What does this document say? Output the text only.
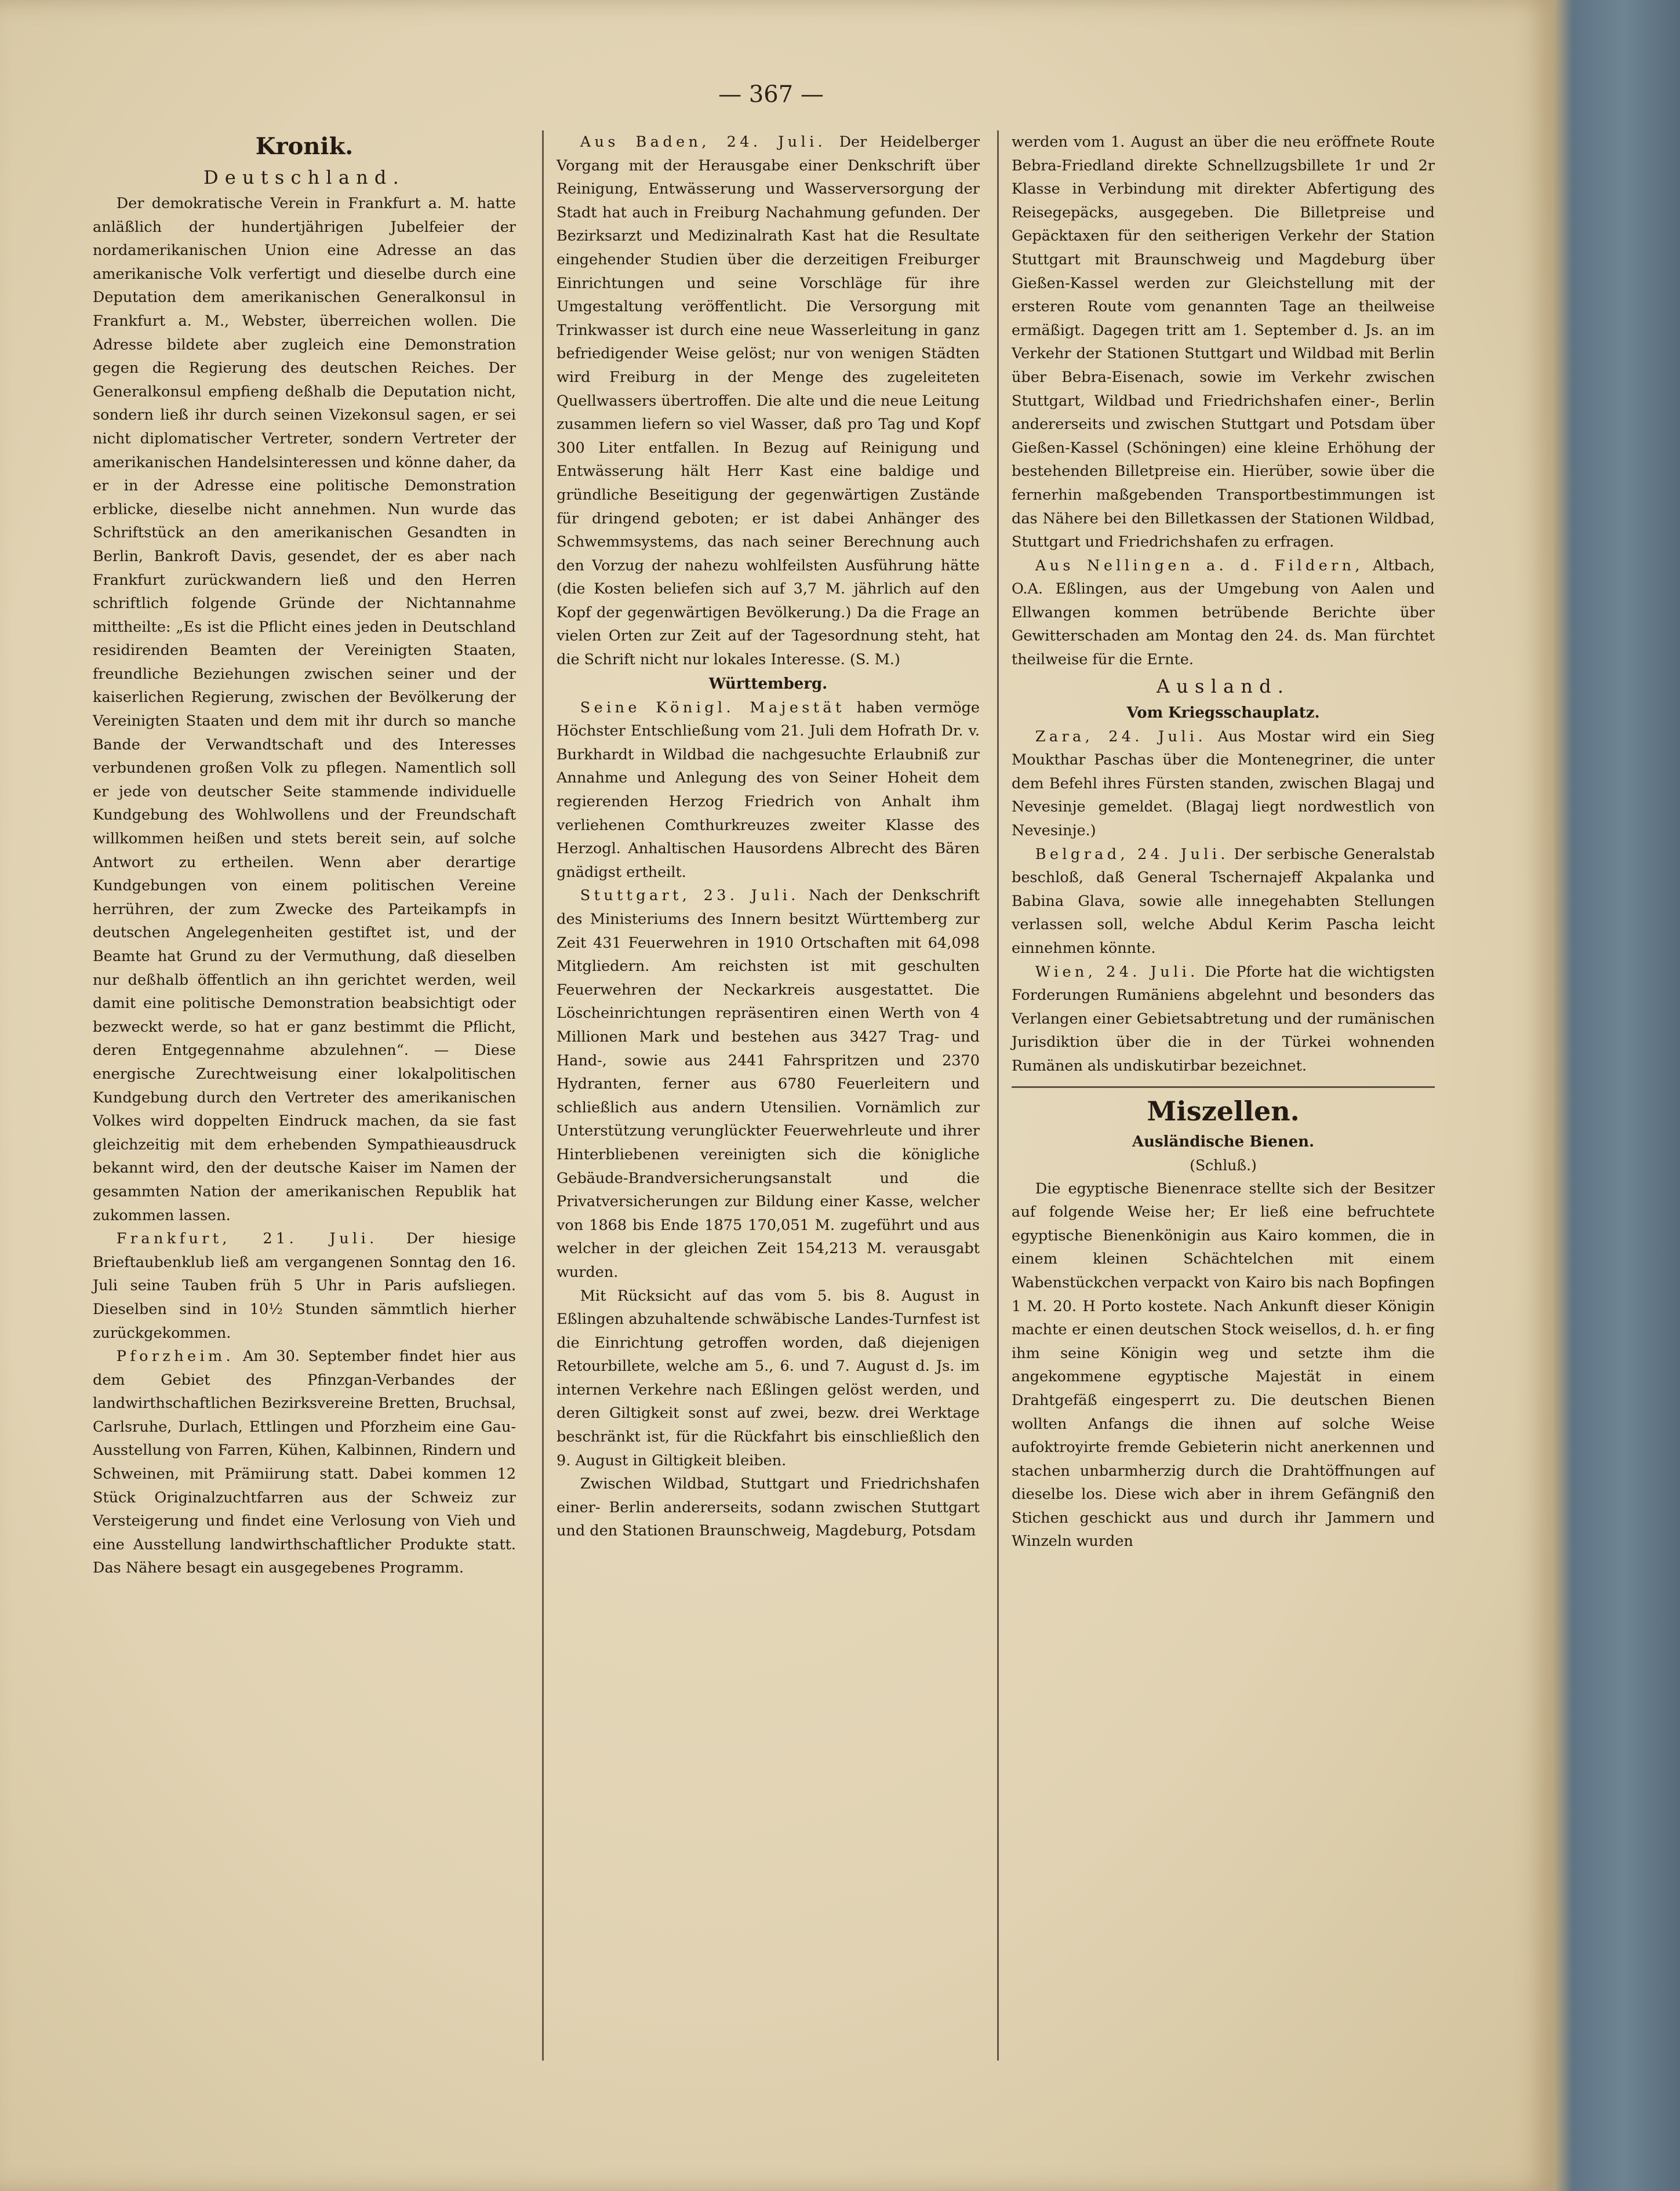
— 367 —
Kronik.
Deutschland.

Der demokratische Verein in Frankfurt a. M. hatte anläßlich der hundertjährigen Jubelfeier der nordamerikanischen Union eine Adresse an das amerikanische Volk verfertigt und dieselbe durch eine Deputation dem amerikanischen Generalkonsul in Frankfurt a. M., Webster, überreichen wollen. Die Adresse bildete aber zugleich eine Demonstration gegen die Regierung des deutschen Reiches. Der Generalkonsul empfieng deßhalb die Deputation nicht, sondern ließ ihr durch seinen Vizekonsul sagen, er sei nicht diplomatischer Vertreter, sondern Vertreter der amerikanischen Handelsinteressen und könne daher, da er in der Adresse eine politische Demonstration erblicke, dieselbe nicht annehmen. Nun wurde das Schriftstück an den amerikanischen Gesandten in Berlin, Bankroft Davis, gesendet, der es aber nach Frankfurt zurückwandern ließ und den Herren schriftlich folgende Gründe der Nichtannahme mittheilte: „Es ist die Pflicht eines jeden in Deutschland residirenden Beamten der Vereinigten Staaten, freundliche Beziehungen zwischen seiner und der kaiserlichen Regierung, zwischen der Bevölkerung der Vereinigten Staaten und dem mit ihr durch so manche Bande der Verwandtschaft und des Interesses verbundenen großen Volk zu pflegen. Namentlich soll er jede von deutscher Seite stammende individuelle Kundgebung des Wohlwollens und der Freundschaft willkommen heißen und stets bereit sein, auf solche Antwort zu ertheilen. Wenn aber derartige Kundgebungen von einem politischen Vereine herrühren, der zum Zwecke des Parteikampfs in deutschen Angelegenheiten gestiftet ist, und der Beamte hat Grund zu der Vermuthung, daß dieselben nur deßhalb öffentlich an ihn gerichtet werden, weil damit eine politische Demonstration beabsichtigt oder bezweckt werde, so hat er ganz bestimmt die Pflicht, deren Entgegennahme abzulehnen“. — Diese energische Zurechtweisung einer lokalpolitischen Kundgebung durch den Vertreter des amerikanischen Volkes wird doppelten Eindruck machen, da sie fast gleichzeitig mit dem erhebenden Sympathieausdruck bekannt wird, den der deutsche Kaiser im Namen der gesammten Nation der amerikanischen Republik hat zukommen lassen.

Frankfurt, 21. Juli. Der hiesige Brieftaubenklub ließ am vergangenen Sonntag den 16. Juli seine Tauben früh 5 Uhr in Paris aufsliegen. Dieselben sind in 10½ Stunden sämmtlich hierher zurückgekommen.

Pforzheim. Am 30. September findet hier aus dem Gebiet des Pfinzgan-Verbandes der landwirthschaftlichen Bezirksvereine Bretten, Bruchsal, Carlsruhe, Durlach, Ettlingen und Pforzheim eine Gau-Ausstellung von Farren, Kühen, Kalbinnen, Rindern und Schweinen, mit Prämiirung statt. Dabei kommen 12 Stück Originalzuchtfarren aus der Schweiz zur Versteigerung und findet eine Verlosung von Vieh und eine Ausstellung landwirthschaftlicher Produkte statt. Das Nähere besagt ein ausgegebenes Programm.

Aus Baden, 24. Juli. Der Heidelberger Vorgang mit der Herausgabe einer Denkschrift über Reinigung, Entwässerung und Wasserversorgung der Stadt hat auch in Freiburg Nachahmung gefunden. Der Bezirksarzt und Medizinalrath Kast hat die Resultate eingehender Studien über die derzeitigen Freiburger Einrichtungen und seine Vorschläge für ihre Umgestaltung veröffentlicht. Die Versorgung mit Trinkwasser ist durch eine neue Wasserleitung in ganz befriedigender Weise gelöst; nur von wenigen Städten wird Freiburg in der Menge des zugeleiteten Quellwassers übertroffen. Die alte und die neue Leitung zusammen liefern so viel Wasser, daß pro Tag und Kopf 300 Liter entfallen. In Bezug auf Reinigung und Entwässerung hält Herr Kast eine baldige und gründliche Beseitigung der gegenwärtigen Zustände für dringend geboten; er ist dabei Anhänger des Schwemmsystems, das nach seiner Berechnung auch den Vorzug der nahezu wohlfeilsten Ausführung hätte (die Kosten beliefen sich auf 3,7 M. jährlich auf den Kopf der gegenwärtigen Bevölkerung.) Da die Frage an vielen Orten zur Zeit auf der Tagesordnung steht, hat die Schrift nicht nur lokales Interesse. (S. M.)

Württemberg.

Seine Königl. Majestät haben vermöge Höchster Entschließung vom 21. Juli dem Hofrath Dr. v. Burkhardt in Wildbad die nachgesuchte Erlaubniß zur Annahme und Anlegung des von Seiner Hoheit dem regierenden Herzog Friedrich von Anhalt ihm verliehenen Comthurkreuzes zweiter Klasse des Herzogl. Anhaltischen Hausordens Albrecht des Bären gnädigst ertheilt.

Stuttgart, 23. Juli. Nach der Denkschrift des Ministeriums des Innern besitzt Württemberg zur Zeit 431 Feuerwehren in 1910 Ortschaften mit 64,098 Mitgliedern. Am reichsten ist mit geschulten Feuerwehren der Neckarkreis ausgestattet. Die Löscheinrichtungen repräsentiren einen Werth von 4 Millionen Mark und bestehen aus 3427 Trag- und Hand-, sowie aus 2441 Fahrspritzen und 2370 Hydranten, ferner aus 6780 Feuerleitern und schließlich aus andern Utensilien. Vornämlich zur Unterstützung verunglückter Feuerwehrleute und ihrer Hinterbliebenen vereinigten sich die königliche Gebäude-Brandversicherungsanstalt und die Privatversicherungen zur Bildung einer Kasse, welcher von 1868 bis Ende 1875 170,051 M. zugeführt und aus welcher in der gleichen Zeit 154,213 M. verausgabt wurden.

Mit Rücksicht auf das vom 5. bis 8. August in Eßlingen abzuhaltende schwäbische Landes-Turnfest ist die Einrichtung getroffen worden, daß diejenigen Retourbillete, welche am 5., 6. und 7. August d. Js. im internen Verkehre nach Eßlingen gelöst werden, und deren Giltigkeit sonst auf zwei, bezw. drei Werktage beschränkt ist, für die Rückfahrt bis einschließlich den 9. August in Giltigkeit bleiben.

Zwischen Wildbad, Stuttgart und Friedrichshafen einer- Berlin andererseits, sodann zwischen Stuttgart und den Stationen Braunschweig, Magdeburg, Potsdam

werden vom 1. August an über die neu eröffnete Route Bebra-Friedland direkte Schnellzugsbillete 1r und 2r Klasse in Verbindung mit direkter Abfertigung des Reisegepäcks, ausgegeben. Die Billetpreise und Gepäcktaxen für den seitherigen Verkehr der Station Stuttgart mit Braunschweig und Magdeburg über Gießen-Kassel werden zur Gleichstellung mit der ersteren Route vom genannten Tage an theilweise ermäßigt. Dagegen tritt am 1. September d. Js. an im Verkehr der Stationen Stuttgart und Wildbad mit Berlin über Bebra-Eisenach, sowie im Verkehr zwischen Stuttgart, Wildbad und Friedrichshafen einer-, Berlin andererseits und zwischen Stuttgart und Potsdam über Gießen-Kassel (Schöningen) eine kleine Erhöhung der bestehenden Billetpreise ein. Hierüber, sowie über die fernerhin maßgebenden Transportbestimmungen ist das Nähere bei den Billetkassen der Stationen Wildbad, Stuttgart und Friedrichshafen zu erfragen.

Aus Nellingen a. d. Fildern, Altbach, O.A. Eßlingen, aus der Umgebung von Aalen und Ellwangen kommen betrübende Berichte über Gewitterschaden am Montag den 24. ds. Man fürchtet theilweise für die Ernte.

Ausland.
Vom Kriegsschauplatz.

Zara, 24. Juli. Aus Mostar wird ein Sieg Moukthar Paschas über die Montenegriner, die unter dem Befehl ihres Fürsten standen, zwischen Blagaj und Nevesinje gemeldet. (Blagaj liegt nordwestlich von Nevesinje.)

Belgrad, 24. Juli. Der serbische Generalstab beschloß, daß General Tschernajeff Akpalanka und Babina Glava, sowie alle innegehabten Stellungen verlassen soll, welche Abdul Kerim Pascha leicht einnehmen könnte.

Wien, 24. Juli. Die Pforte hat die wichtigsten Forderungen Rumäniens abgelehnt und besonders das Verlangen einer Gebietsabtretung und der rumänischen Jurisdiktion über die in der Türkei wohnenden Rumänen als undiskutirbar bezeichnet.

Miszellen.
Ausländische Bienen.
(Schluß.)

Die egyptische Bienenrace stellte sich der Besitzer auf folgende Weise her; Er ließ eine befruchtete egyptische Bienenkönigin aus Kairo kommen, die in einem kleinen Schächtelchen mit einem Wabenstückchen verpackt von Kairo bis nach Bopfingen 1 M. 20. H Porto kostete. Nach Ankunft dieser Königin machte er einen deutschen Stock weisellos, d. h. er fing ihm seine Königin weg und setzte ihm die angekommene egyptische Majestät in einem Drahtgefäß eingesperrt zu. Die deutschen Bienen wollten Anfangs die ihnen auf solche Weise aufoktroyirte fremde Gebieterin nicht anerkennen und stachen unbarmherzig durch die Drahtöffnungen auf dieselbe los. Diese wich aber in ihrem Gefängniß den Stichen geschickt aus und durch ihr Jammern und Winzeln wurden
